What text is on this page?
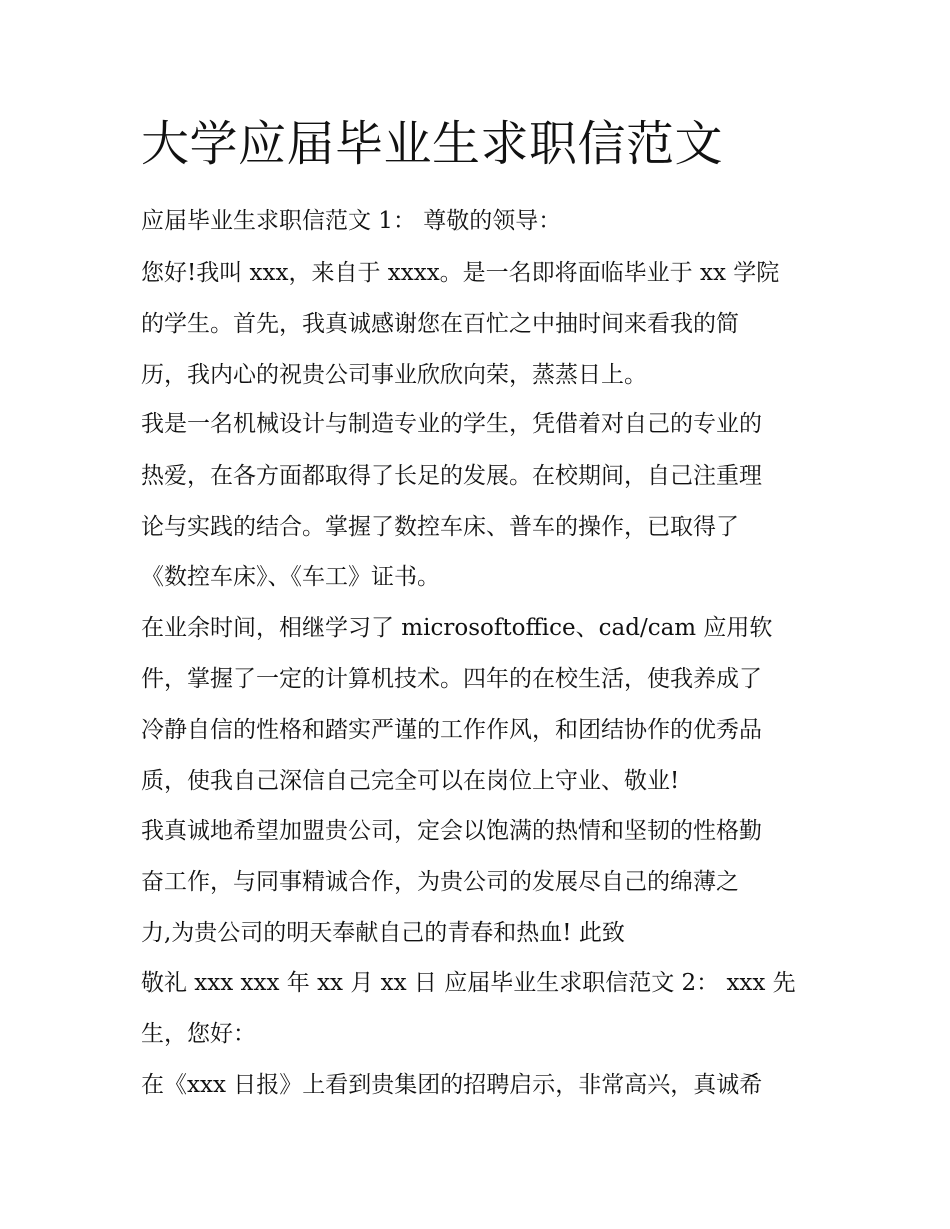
大学应届毕业生求职信范文

应届毕业生求职信范文 1： 尊敬的领导：

您好!我叫 xxx，来自于 xxxx。是一名即将面临毕业于 xx 学院

的学生。首先，我真诚感谢您在百忙之中抽时间来看我的简

历，我内心的祝贵公司事业欣欣向荣，蒸蒸日上。

我是一名机械设计与制造专业的学生，凭借着对自己的专业的

热爱，在各方面都取得了长足的发展。在校期间，自己注重理

论与实践的结合。掌握了数控车床、普车的操作，已取得了

《数控车床》、《车工》证书。

在业余时间，相继学习了 microsoftoffice、cad/cam 应用软

件，掌握了一定的计算机技术。四年的在校生活，使我养成了

冷静自信的性格和踏实严谨的工作作风，和团结协作的优秀品

质，使我自己深信自己完全可以在岗位上守业、敬业!

我真诚地希望加盟贵公司，定会以饱满的热情和坚韧的性格勤

奋工作，与同事精诚合作，为贵公司的发展尽自己的绵薄之

力,为贵公司的明天奉献自己的青春和热血! 此致

敬礼 xxx xxx 年 xx 月 xx 日 应届毕业生求职信范文 2： xxx 先

生，您好：

在《xxx 日报》上看到贵集团的招聘启示，非常高兴，真诚希
